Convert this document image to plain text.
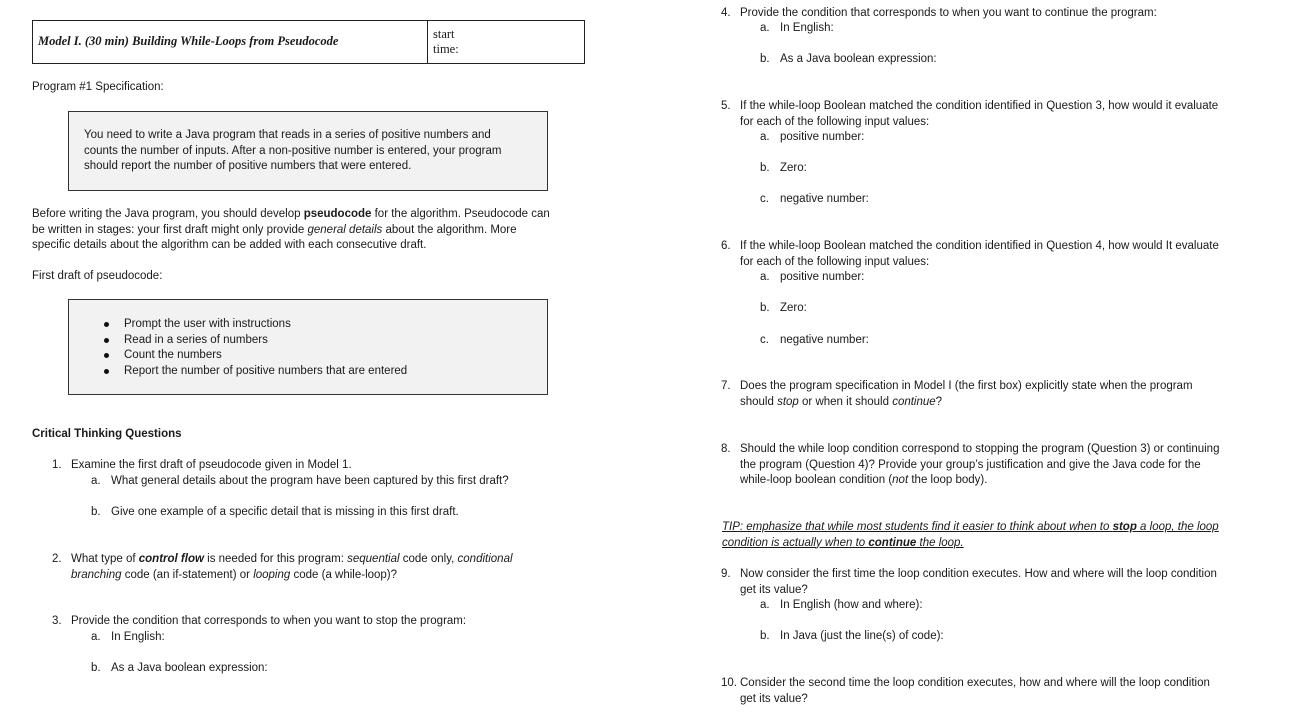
Model I. (30 min) Building While-Loops from Pseudocode
start
time:
Program #1 Specification:
You need to write a Java program that reads in a series of positive numbers and
counts the number of inputs. After a non-positive number is entered, your program
should report the number of positive numbers that were entered.
Before writing the Java program, you should develop pseudocode for the algorithm. Pseudocode can
be written in stages: your first draft might only provide general details about the algorithm. More
specific details about the algorithm can be added with each consecutive draft.
First draft of pseudocode:
Prompt the user with instructions
Read in a series of numbers
Count the numbers
Report the number of positive numbers that are entered
Critical Thinking Questions
1. Examine the first draft of pseudocode given in Model 1.
a. What general details about the program have been captured by this first draft?
b. Give one example of a specific detail that is missing in this first draft.
2. What type of control flow is needed for this program: sequential code only, conditional
branching code (an if-statement) or looping code (a while-loop)?
3. Provide the condition that corresponds to when you want to stop the program:
a. In English:
b. As a Java boolean expression:
4. Provide the condition that corresponds to when you want to continue the program:
a. In English:
b. As a Java boolean expression:
5. If the while-loop Boolean matched the condition identified in Question 3, how would it evaluate
for each of the following input values:
a. positive number:
b. Zero:
c. negative number:
6. If the while-loop Boolean matched the condition identified in Question 4, how would It evaluate
for each of the following input values:
a. positive number:
b. Zero:
c. negative number:
7. Does the program specification in Model I (the first box) explicitly state when the program
should stop or when it should continue?
8. Should the while loop condition correspond to stopping the program (Question 3) or continuing
the program (Question 4)? Provide your group’s justification and give the Java code for the
while-loop boolean condition (not the loop body).
TIP: emphasize that while most students find it easier to think about when to stop a loop, the loop
condition is actually when to continue the loop.
9. Now consider the first time the loop condition executes. How and where will the loop condition
get its value?
a. In English (how and where):
b. In Java (just the line(s) of code):
10. Consider the second time the loop condition executes, how and where will the loop condition
get its value?
